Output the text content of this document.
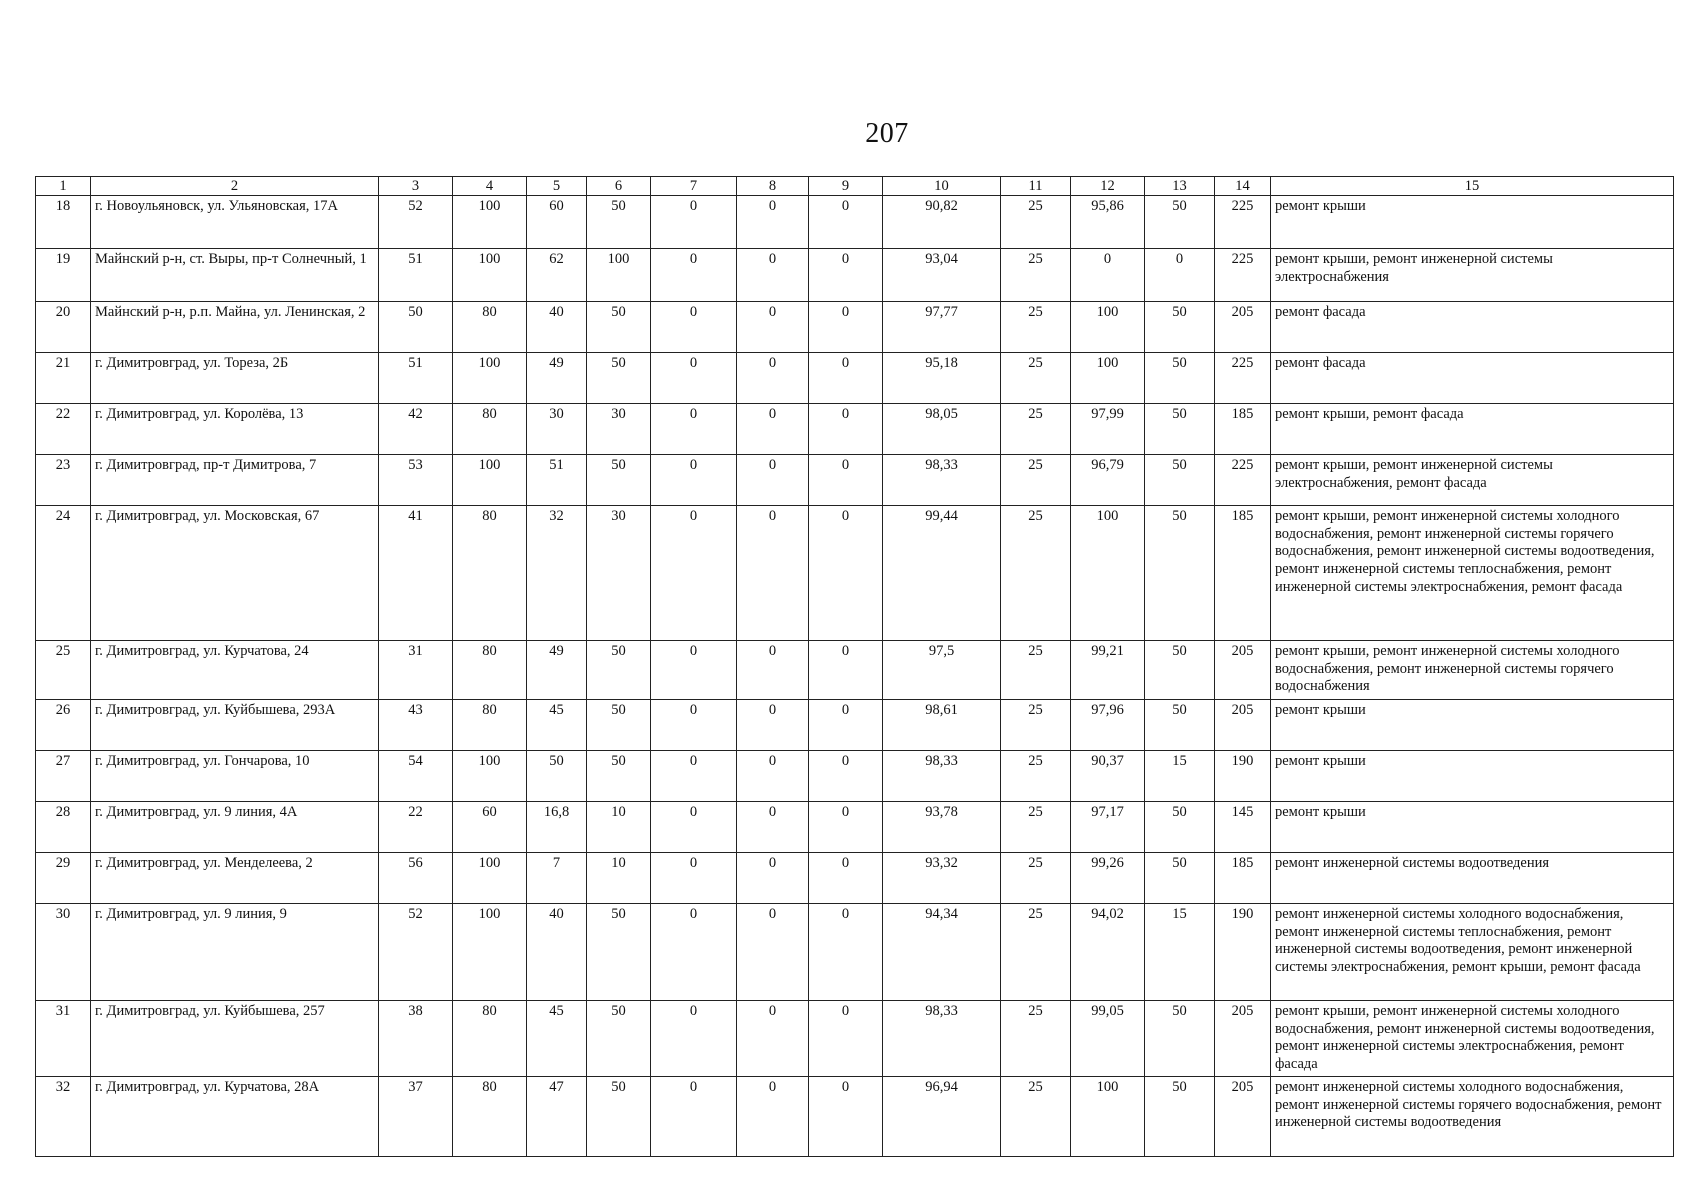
207
1	2	3	4	5	6	7	8	9	10	11	12	13	14	15
18	г. Новоульяновск, ул. Ульяновская, 17А	52	100	60	50	0	0	0	90,82	25	95,86	50	225	ремонт крыши
19	Майнский р-н, ст. Выры, пр-т Солнечный, 1	51	100	62	100	0	0	0	93,04	25	0	0	225	ремонт крыши, ремонт инженерной системы электроснабжения
20	Майнский р-н, р.п. Майна, ул. Ленинская, 2	50	80	40	50	0	0	0	97,77	25	100	50	205	ремонт фасада
21	г. Димитровград, ул. Тореза, 2Б	51	100	49	50	0	0	0	95,18	25	100	50	225	ремонт фасада
22	г. Димитровград, ул. Королёва, 13	42	80	30	30	0	0	0	98,05	25	97,99	50	185	ремонт крыши, ремонт фасада
23	г. Димитровград, пр-т Димитрова, 7	53	100	51	50	0	0	0	98,33	25	96,79	50	225	ремонт крыши, ремонт инженерной системы электроснабжения, ремонт фасада
24	г. Димитровград, ул. Московская, 67	41	80	32	30	0	0	0	99,44	25	100	50	185	ремонт крыши, ремонт инженерной системы холодного водоснабжения, ремонт инженерной системы горячего водоснабжения, ремонт инженерной системы водоотведения, ремонт инженерной системы теплоснабжения, ремонт инженерной системы электроснабжения, ремонт фасада
25	г. Димитровград, ул. Курчатова, 24	31	80	49	50	0	0	0	97,5	25	99,21	50	205	ремонт крыши, ремонт инженерной системы холодного водоснабжения, ремонт инженерной системы горячего водоснабжения
26	г. Димитровград, ул. Куйбышева, 293А	43	80	45	50	0	0	0	98,61	25	97,96	50	205	ремонт крыши
27	г. Димитровград, ул. Гончарова, 10	54	100	50	50	0	0	0	98,33	25	90,37	15	190	ремонт крыши
28	г. Димитровград, ул. 9 линия, 4А	22	60	16,8	10	0	0	0	93,78	25	97,17	50	145	ремонт крыши
29	г. Димитровград, ул. Менделеева, 2	56	100	7	10	0	0	0	93,32	25	99,26	50	185	ремонт инженерной системы водоотведения
30	г. Димитровград, ул. 9 линия, 9	52	100	40	50	0	0	0	94,34	25	94,02	15	190	ремонт инженерной системы холодного водоснабжения, ремонт инженерной системы теплоснабжения, ремонт инженерной системы водоотведения, ремонт инженерной системы электроснабжения, ремонт крыши, ремонт фасада
31	г. Димитровград, ул. Куйбышева, 257	38	80	45	50	0	0	0	98,33	25	99,05	50	205	ремонт крыши, ремонт инженерной системы холодного водоснабжения, ремонт инженерной системы водоотведения, ремонт инженерной системы электроснабжения, ремонт фасада
32	г. Димитровград, ул. Курчатова, 28А	37	80	47	50	0	0	0	96,94	25	100	50	205	ремонт инженерной системы холодного водоснабжения, ремонт инженерной системы горячего водоснабжения, ремонт инженерной системы водоотведения
